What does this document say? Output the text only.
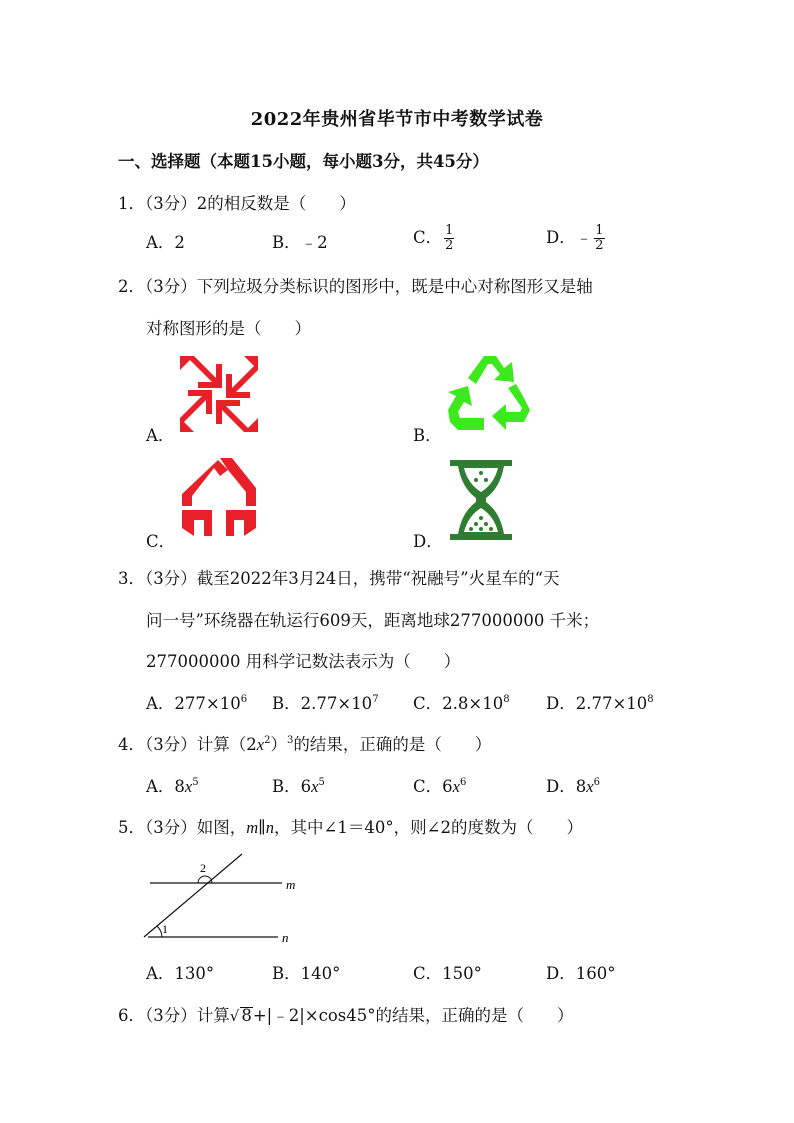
2022年贵州省毕节市中考数学试卷
一、选择题（本题15小题，每小题3分，共45分）
1．（3分）2的相反数是（　　）
A．2	B．﹣2	C． $\frac{1}{2}$	D．﹣ $\frac{1}{2}$
2．（3分）下列垃圾分类标识的图形中，既是中心对称图形又是轴
对称图形的是（　　）
A．	B．
C．	D．
3．（3分）截至2022年3月24日，携带“祝融号”火星车的“天
问一号”环绕器在轨运行609天，距离地球277000000 千米；
277000000 用科学记数法表示为（　　）
A．$277\times 10^6$ B．$2.77\times 10^7$ C．$2.8\times 10^8$ D．$2.77\times 10^8$
4．（3分）计算$(2x^2)^3$的结果，正确的是（　　）
A．$8x^5$	B．$6x^5$	C．$6x^6$	D．$8x^6$
5．（3分）如图，m∥n，其中∠1＝40°，则∠2的度数为（　　）
2
1
m
n
A．130°	B．140°	C．150°	D．160°
6．（3分）计算√ 8+|﹣2|×cos45°的结果，正确的是（　　）
